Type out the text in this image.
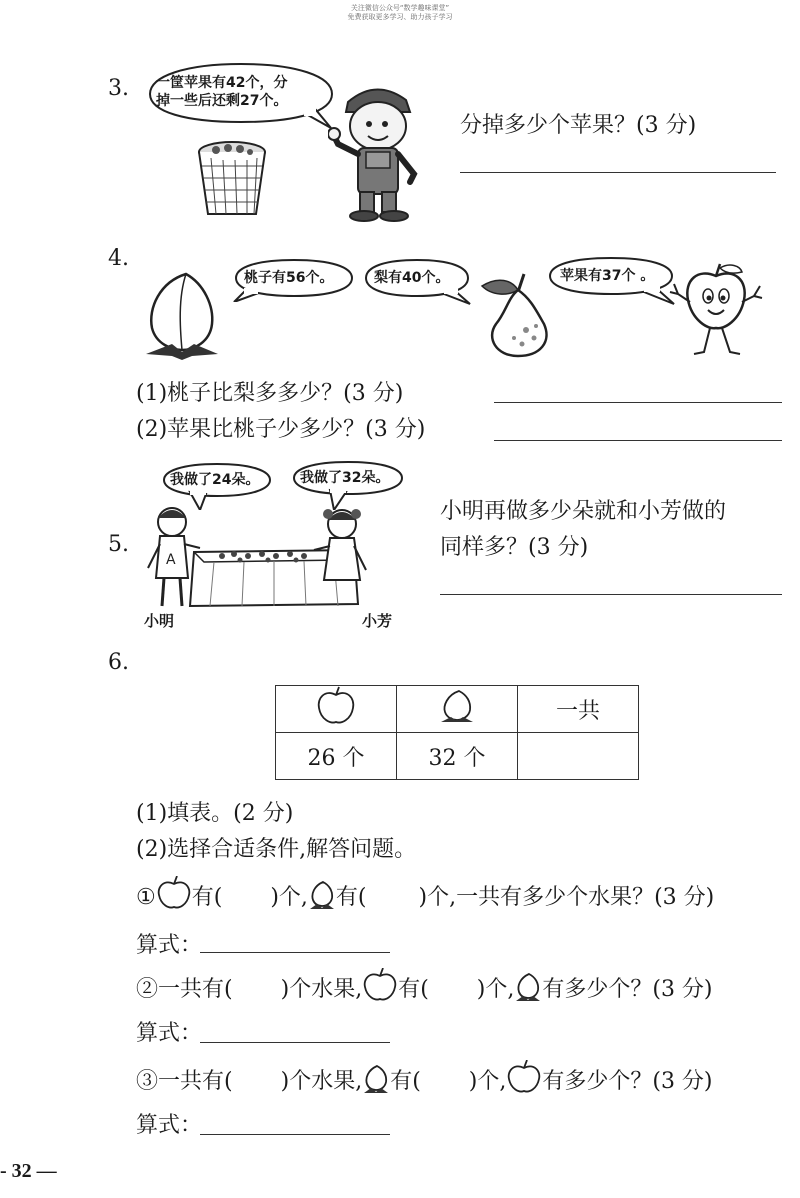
关注微信公众号“数学趣味课堂”
免费获取更多学习、助力孩子学习
3. 一筐苹果有42个，分
掉一些后还剩27个。
分掉多少个苹果？(3 分)
4.
桃子有56个。	梨有40个。	苹果有37个 。
(1)桃子比梨多多少？(3 分)
(2)苹果比桃子少多少？(3 分)
我做了24朵。	我做了32朵。
5.
A
小明	小芳
小明再做多少朵就和小芳做的
同样多？(3 分)
6.
		一共
26 个	32 个	
(1)填表。(2 分)
(2)选择合适条件,解答问题。
① 有( )个, 有( )个,一共有多少个水果？(3 分)
算式：
②一共有( )个水果, 有( )个, 有多少个？(3 分)
算式：
③一共有( )个水果, 有( )个, 有多少个？(3 分)
算式：
- 32 —
